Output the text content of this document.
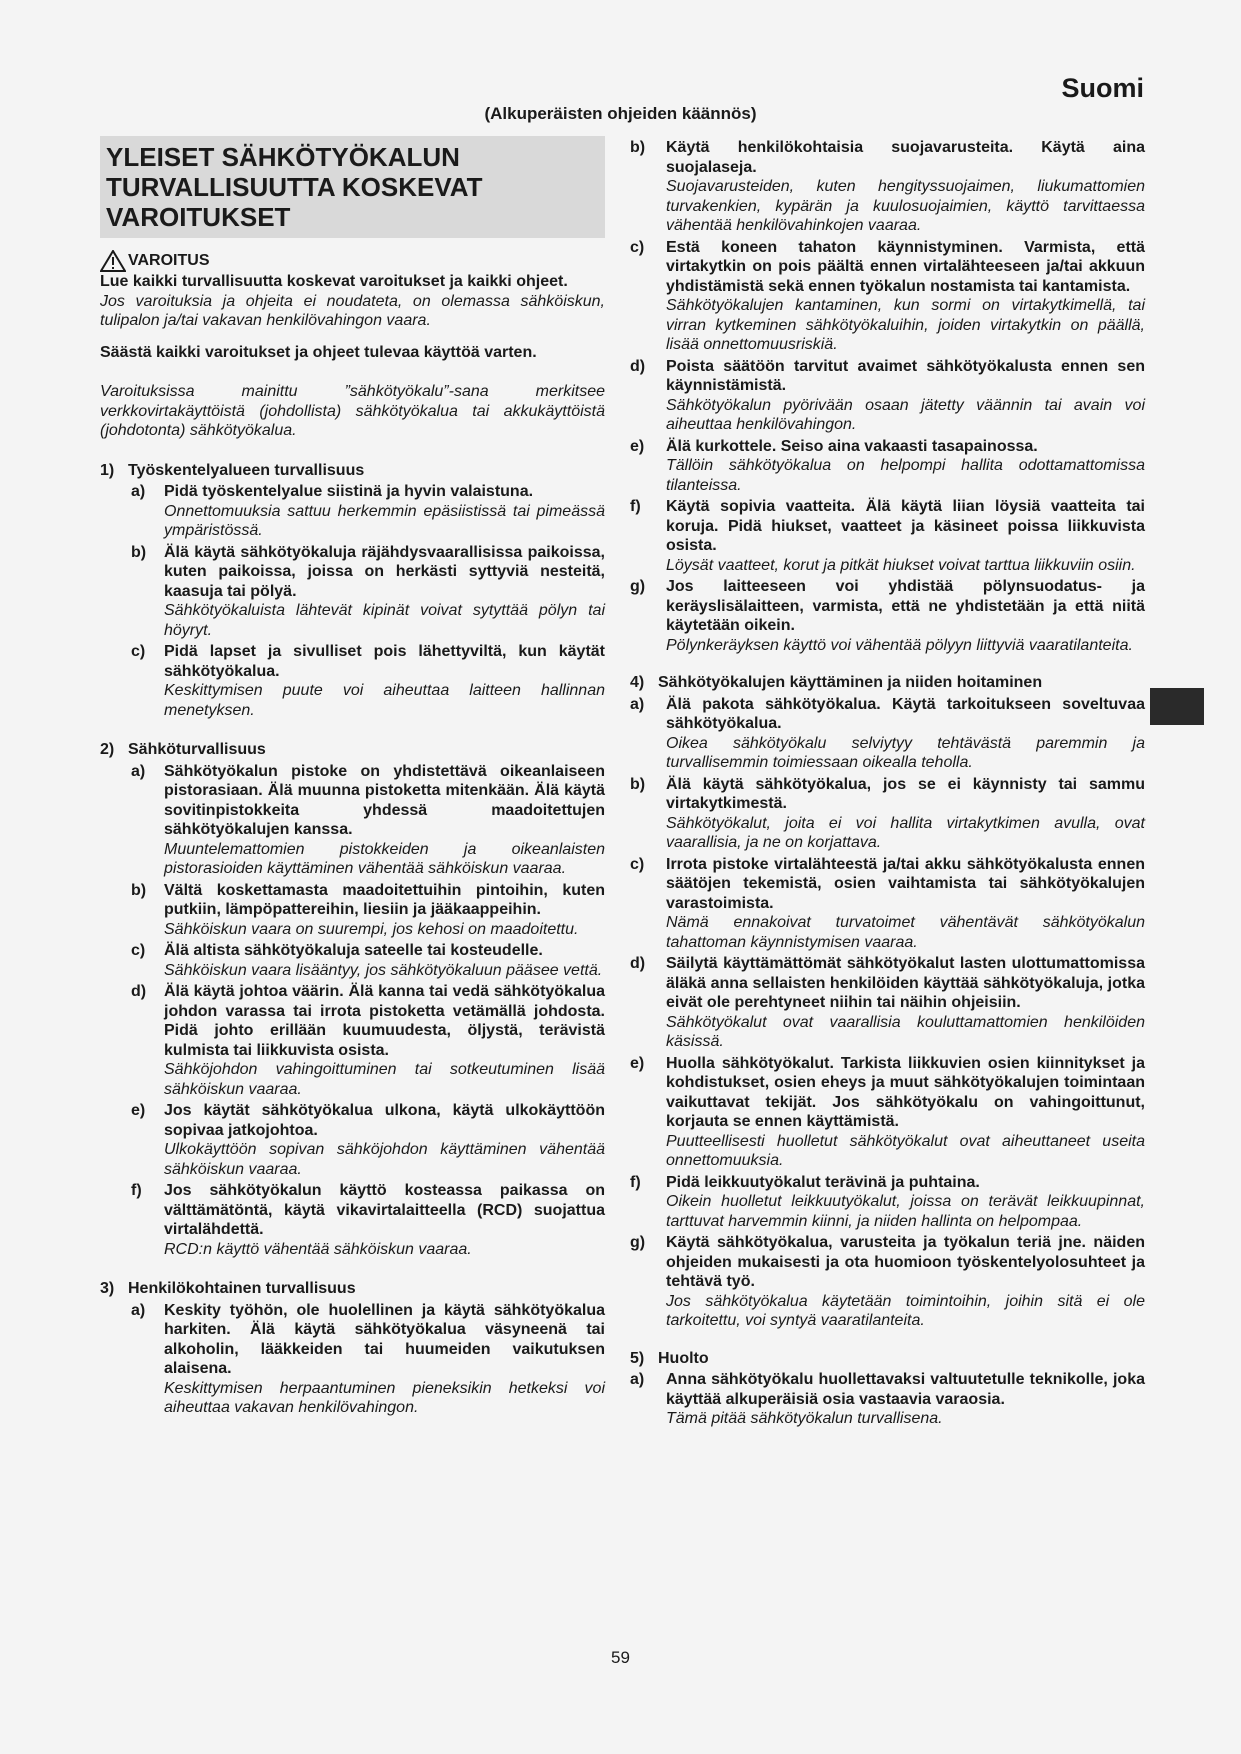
Suomi
(Alkuperäisten ohjeiden käännös)
YLEISET SÄHKÖTYÖKALUN TURVALLISUUTTA KOSKEVAT VAROITUKSET
VAROITUS

Lue kaikki turvallisuutta koskevat varoitukset ja kaikki ohjeet.

Jos varoituksia ja ohjeita ei noudateta, on olemassa sähköiskun, tulipalon ja/tai vakavan henkilövahingon vaara.

Säästä kaikki varoitukset ja ohjeet tulevaa käyttöä varten.

Varoituksissa mainittu ”sähkötyökalu”-sana merkitsee verkkovirtakäyttöistä (johdollista) sähkötyökalua tai akkukäyttöistä (johdotonta) sähkötyökalua.

1) Työskentelyalueen turvallisuus
a) Pidä työskentelyalue siistinä ja hyvin valaistuna.
Onnettomuuksia sattuu herkemmin epäsiistissä tai pimeässä ympäristössä.
b) Älä käytä sähkötyökaluja räjähdysvaarallisissa paikoissa, kuten paikoissa, joissa on herkästi syttyviä nesteitä, kaasuja tai pölyä.
Sähkötyökaluista lähtevät kipinät voivat sytyttää pölyn tai höyryt.
c) Pidä lapset ja sivulliset pois lähettyviltä, kun käytät sähkötyökalua.
Keskittymisen puute voi aiheuttaa laitteen hallinnan menetyksen.
2) Sähköturvallisuus
a) Sähkötyökalun pistoke on yhdistettävä oikeanlaiseen pistorasiaan. Älä muunna pistoketta mitenkään. Älä käytä sovitinpistokkeita yhdessä maadoitettujen sähkötyökalujen kanssa.
Muuntelemattomien pistokkeiden ja oikeanlaisten pistorasioiden käyttäminen vähentää sähköiskun vaaraa.
b) Vältä koskettamasta maadoitettuihin pintoihin, kuten putkiin, lämpöpattereihin, liesiin ja jääkaappeihin.
Sähköiskun vaara on suurempi, jos kehosi on maadoitettu.
c) Älä altista sähkötyökaluja sateelle tai kosteudelle.
Sähköiskun vaara lisääntyy, jos sähkötyökaluun pääsee vettä.
d) Älä käytä johtoa väärin. Älä kanna tai vedä sähkötyökalua johdon varassa tai irrota pistoketta vetämällä johdosta. Pidä johto erillään kuumuudesta, öljystä, terävistä kulmista tai liikkuvista osista.
Sähköjohdon vahingoittuminen tai sotkeutuminen lisää sähköiskun vaaraa.
e) Jos käytät sähkötyökalua ulkona, käytä ulkokäyttöön sopivaa jatkojohtoa.
Ulkokäyttöön sopivan sähköjohdon käyttäminen vähentää sähköiskun vaaraa.
f) Jos sähkötyökalun käyttö kosteassa paikassa on välttämätöntä, käytä vikavirtalaitteella (RCD) suojattua virtalähdettä.
RCD:n käyttö vähentää sähköiskun vaaraa.
3) Henkilökohtainen turvallisuus
a) Keskity työhön, ole huolellinen ja käytä sähkötyökalua harkiten. Älä käytä sähkötyökalua väsyneenä tai alkoholin, lääkkeiden tai huumeiden vaikutuksen alaisena.
Keskittymisen herpaantuminen pieneksikin hetkeksi voi aiheuttaa vakavan henkilövahingon.
b) Käytä henkilökohtaisia suojavarusteita. Käytä aina suojalaseja.
Suojavarusteiden, kuten hengityssuojaimen, liukumattomien turvakenkien, kypärän ja kuulosuojaimien, käyttö tarvittaessa vähentää henkilövahinkojen vaaraa.
c) Estä koneen tahaton käynnistyminen. Varmista, että virtakytkin on pois päältä ennen virtalähteeseen ja/tai akkuun yhdistämistä sekä ennen työkalun nostamista tai kantamista.
Sähkötyökalujen kantaminen, kun sormi on virtakytkimellä, tai virran kytkeminen sähkötyökaluihin, joiden virtakytkin on päällä, lisää onnettomuusriskiä.
d) Poista säätöön tarvitut avaimet sähkötyökalusta ennen sen käynnistämistä.
Sähkötyökalun pyörivään osaan jätetty väännin tai avain voi aiheuttaa henkilövahingon.
e) Älä kurkottele. Seiso aina vakaasti tasapainossa.
Tällöin sähkötyökalua on helpompi hallita odottamattomissa tilanteissa.
f) Käytä sopivia vaatteita. Älä käytä liian löysiä vaatteita tai koruja. Pidä hiukset, vaatteet ja käsineet poissa liikkuvista osista.
Löysät vaatteet, korut ja pitkät hiukset voivat tarttua liikkuviin osiin.
g) Jos laitteeseen voi yhdistää pölynsuodatus- ja keräyslisälaitteen, varmista, että ne yhdistetään ja että niitä käytetään oikein.
Pölynkeräyksen käyttö voi vähentää pölyyn liittyviä vaaratilanteita.
4) Sähkötyökalujen käyttäminen ja niiden hoitaminen
a) Älä pakota sähkötyökalua. Käytä tarkoitukseen soveltuvaa sähkötyökalua.
Oikea sähkötyökalu selviytyy tehtävästä paremmin ja turvallisemmin toimiessaan oikealla teholla.
b) Älä käytä sähkötyökalua, jos se ei käynnisty tai sammu virtakytkimestä.
Sähkötyökalut, joita ei voi hallita virtakytkimen avulla, ovat vaarallisia, ja ne on korjattava.
c) Irrota pistoke virtalähteestä ja/tai akku sähkötyökalusta ennen säätöjen tekemistä, osien vaihtamista tai sähkötyökalujen varastoimista.
Nämä ennakoivat turvatoimet vähentävät sähkötyökalun tahattoman käynnistymisen vaaraa.
d) Säilytä käyttämättömät sähkötyökalut lasten ulottumattomissa äläkä anna sellaisten henkilöiden käyttää sähkötyökaluja, jotka eivät ole perehtyneet niihin tai näihin ohjeisiin.
Sähkötyökalut ovat vaarallisia kouluttamattomien henkilöiden käsissä.
e) Huolla sähkötyökalut. Tarkista liikkuvien osien kiinnitykset ja kohdistukset, osien eheys ja muut sähkötyökalujen toimintaan vaikuttavat tekijät. Jos sähkötyökalu on vahingoittunut, korjauta se ennen käyttämistä.
Puutteellisesti huolletut sähkötyökalut ovat aiheuttaneet useita onnettomuuksia.
f) Pidä leikkuutyökalut terävinä ja puhtaina.
Oikein huolletut leikkuutyökalut, joissa on terävät leikkuupinnat, tarttuvat harvemmin kiinni, ja niiden hallinta on helpompaa.
g) Käytä sähkötyökalua, varusteita ja työkalun teriä jne. näiden ohjeiden mukaisesti ja ota huomioon työskentelyolosuhteet ja tehtävä työ.
Jos sähkötyökalua käytetään toimintoihin, joihin sitä ei ole tarkoitettu, voi syntyä vaaratilanteita.
5) Huolto
a) Anna sähkötyökalu huollettavaksi valtuutetulle teknikolle, joka käyttää alkuperäisiä osia vastaavia varaosia.
Tämä pitää sähkötyökalun turvallisena.
59
